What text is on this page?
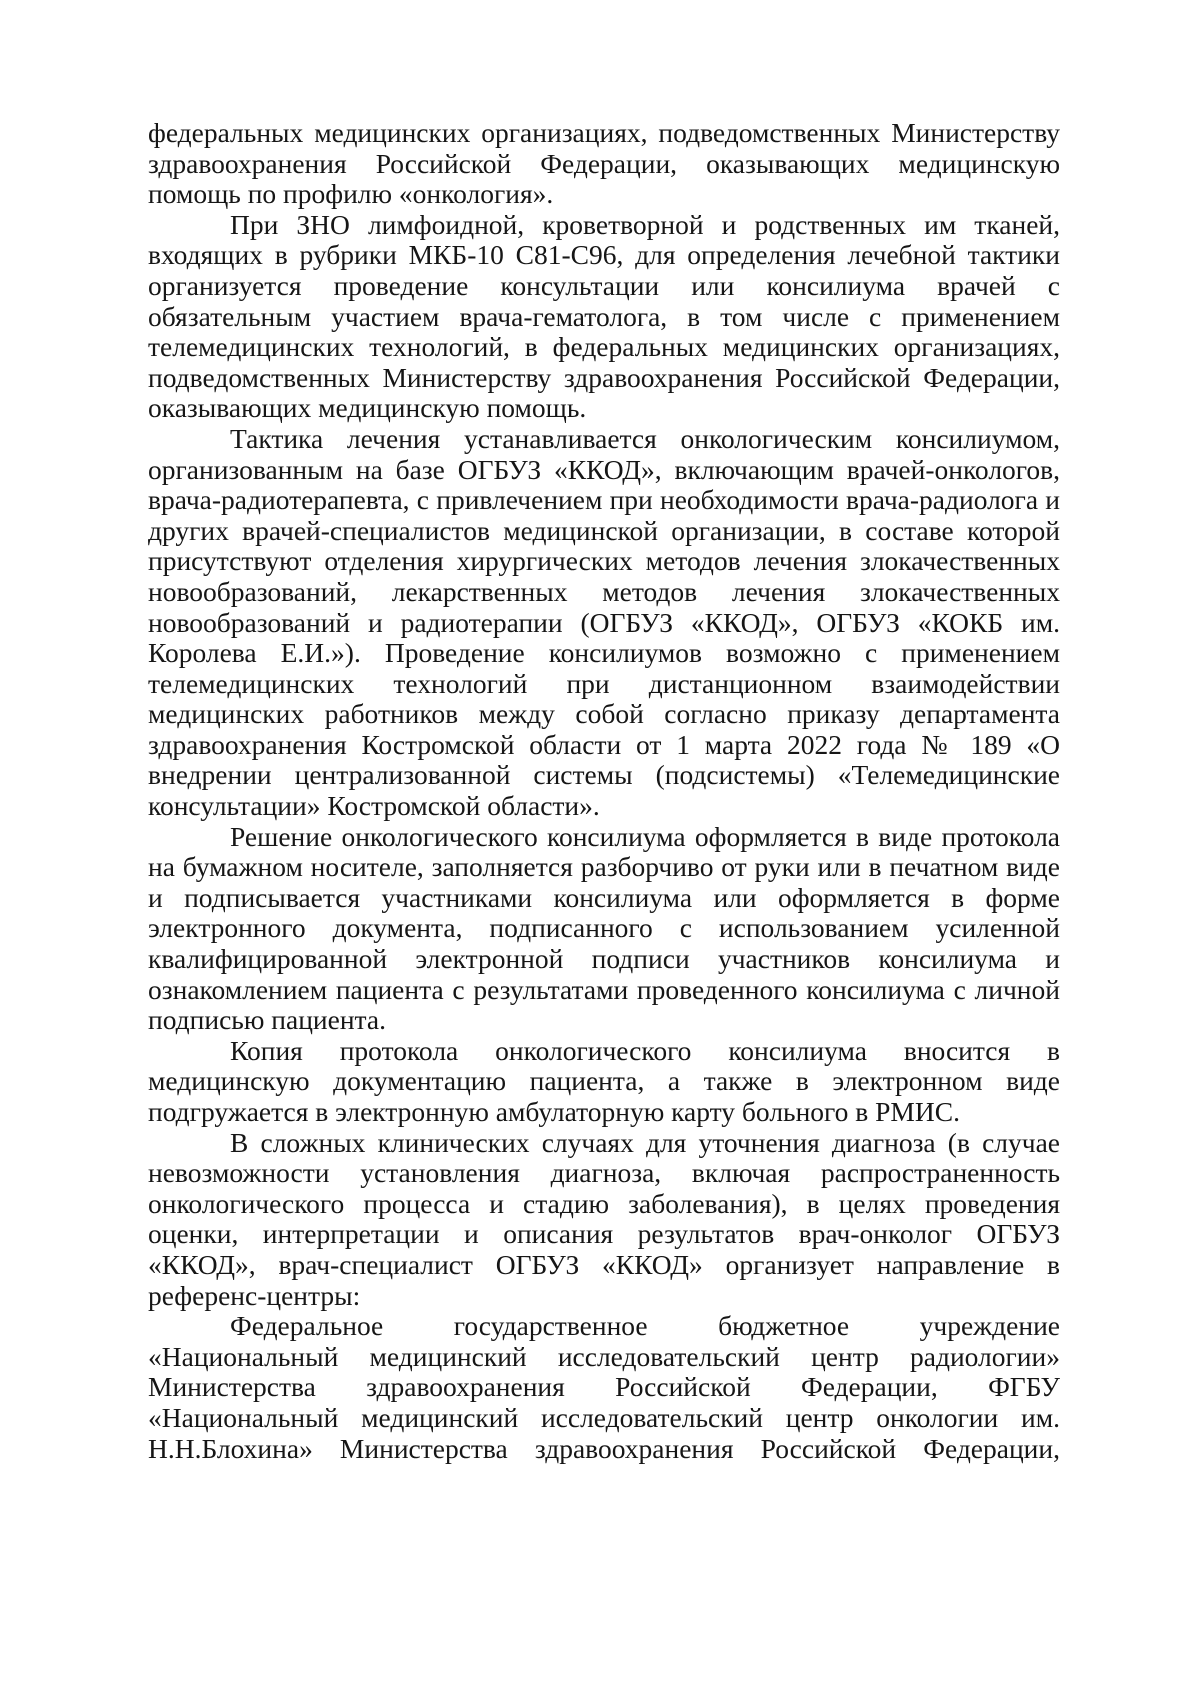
федеральных медицинских организациях, подведомственных Министерству здравоохранения Российской Федерации, оказывающих медицинскую помощь по профилю «онкология».

При ЗНО лимфоидной, кроветворной и родственных им тканей, входящих в рубрики МКБ-10 С81-С96, для определения лечебной тактики организуется проведение консультации или консилиума врачей с обязательным участием врача-гематолога, в том числе с применением телемедицинских технологий, в федеральных медицинских организациях, подведомственных Министерству здравоохранения Российской Федерации, оказывающих медицинскую помощь.

Тактика лечения устанавливается онкологическим консилиумом, организованным на базе ОГБУЗ «ККОД», включающим врачей-онкологов, врача-радиотерапевта, с привлечением при необходимости врача-радиолога и других врачей-специалистов медицинской организации, в составе которой присутствуют отделения хирургических методов лечения злокачественных новообразований, лекарственных методов лечения злокачественных новообразований и радиотерапии (ОГБУЗ «ККОД», ОГБУЗ «КОКБ им. Королева Е.И.»). Проведение консилиумов возможно с применением телемедицинских технологий при дистанционном взаимодействии медицинских работников между собой согласно приказу департамента здравоохранения Костромской области от 1 марта 2022 года № 189 «О внедрении централизованной системы (подсистемы) «Телемедицинские консультации» Костромской области».

Решение онкологического консилиума оформляется в виде протокола на бумажном носителе, заполняется разборчиво от руки или в печатном виде и подписывается участниками консилиума или оформляется в форме электронного документа, подписанного с использованием усиленной квалифицированной электронной подписи участников консилиума и ознакомлением пациента с результатами проведенного консилиума с личной подписью пациента.

Копия протокола онкологического консилиума вносится в медицинскую документацию пациента, а также в электронном виде подгружается в электронную амбулаторную карту больного в РМИС.

В сложных клинических случаях для уточнения диагноза (в случае невозможности установления диагноза, включая распространенность онкологического процесса и стадию заболевания), в целях проведения оценки, интерпретации и описания результатов врач-онколог ОГБУЗ «ККОД», врач-специалист ОГБУЗ «ККОД» организует направление в референс-центры:

Федеральное государственное бюджетное учреждение «Национальный медицинский исследовательский центр радиологии» Министерства здравоохранения Российской Федерации, ФГБУ «Национальный медицинский исследовательский центр онкологии им. Н.Н.Блохина» Министерства здравоохранения Российской Федерации,
